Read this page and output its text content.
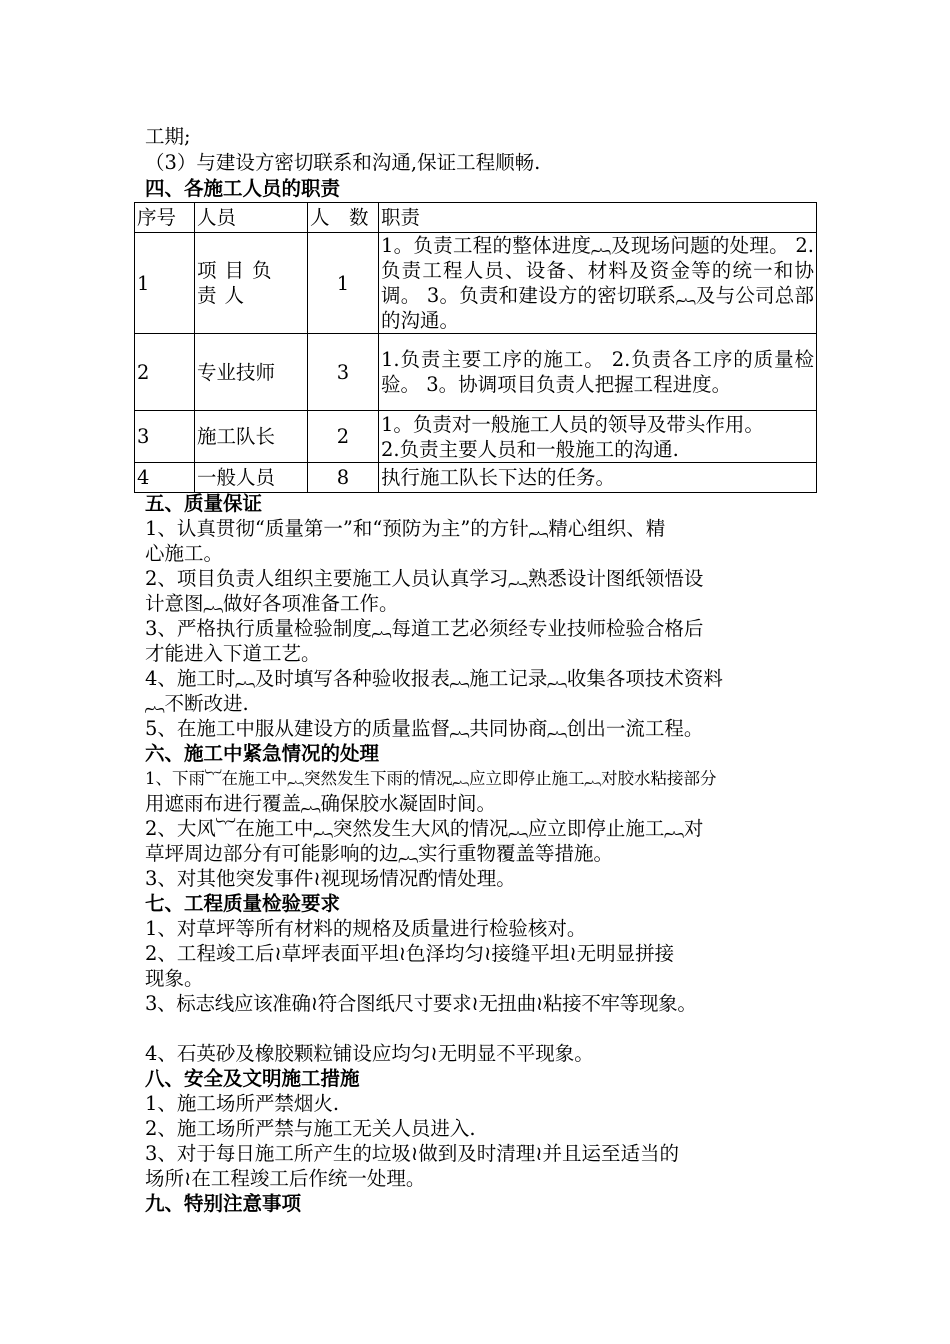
工期;
（3）与建设方密切联系和沟通,保证工程顺畅.
四、各施工人员的职责
序号	人员	人　数	职责
1	项目负责人	1	1。负责工程的整体进度︷及现场问题的处理。 2.负责工程人员、设备、材料及资金等的统一和协调。 3。负责和建设方的密切联系︷及与公司总部的沟通。
2	专业技师	3	1.负责主要工序的施工。 2.负责各工序的质量检验。 3。协调项目负责人把握工程进度。
3	施工队长	2	1。负责对一般施工人员的领导及带头作用。
2.负责主要人员和一般施工的沟通.

4	一般人员	8	执行施工队长下达的任务。
五、质量保证
1、认真贯彻“质量第一”和“预防为主”的方针︷精心组织、精
心施工。
2、项目负责人组织主要施工人员认真学习︷熟悉设计图纸领悟设
计意图︷做好各项准备工作。
3、严格执行质量检验制度︷每道工艺必须经专业技师检验合格后
才能进入下道工艺。
4、施工时︷及时填写各种验收报表︷施工记录︷收集各项技术资料
︷不断改进.
5、在施工中服从建设方的质量监督︷共同协商︷创出一流工程。
六、施工中紧急情况的处理
1、下雨︸在施工中︷突然发生下雨的情况︷应立即停止施工︷对胶水粘接部分
用遮雨布进行覆盖︷确保胶水凝固时间。
2、大风︸在施工中︷突然发生大风的情况︷应立即停止施工︷对
草坪周边部分有可能影响的边︷实行重物覆盖等措施。
3、对其他突发事件≀视现场情况酌情处理。
七、工程质量检验要求
1、对草坪等所有材料的规格及质量进行检验核对。
2、工程竣工后≀草坪表面平坦≀色泽均匀≀接缝平坦≀无明显拼接
现象。
3、标志线应该准确≀符合图纸尺寸要求≀无扭曲≀粘接不牢等现象。
4、石英砂及橡胶颗粒铺设应均匀≀无明显不平现象。
八、安全及文明施工措施
1、施工场所严禁烟火.
2、施工场所严禁与施工无关人员进入.
3、对于每日施工所产生的垃圾≀做到及时清理≀并且运至适当的
场所≀在工程竣工后作统一处理。
九、特别注意事项
